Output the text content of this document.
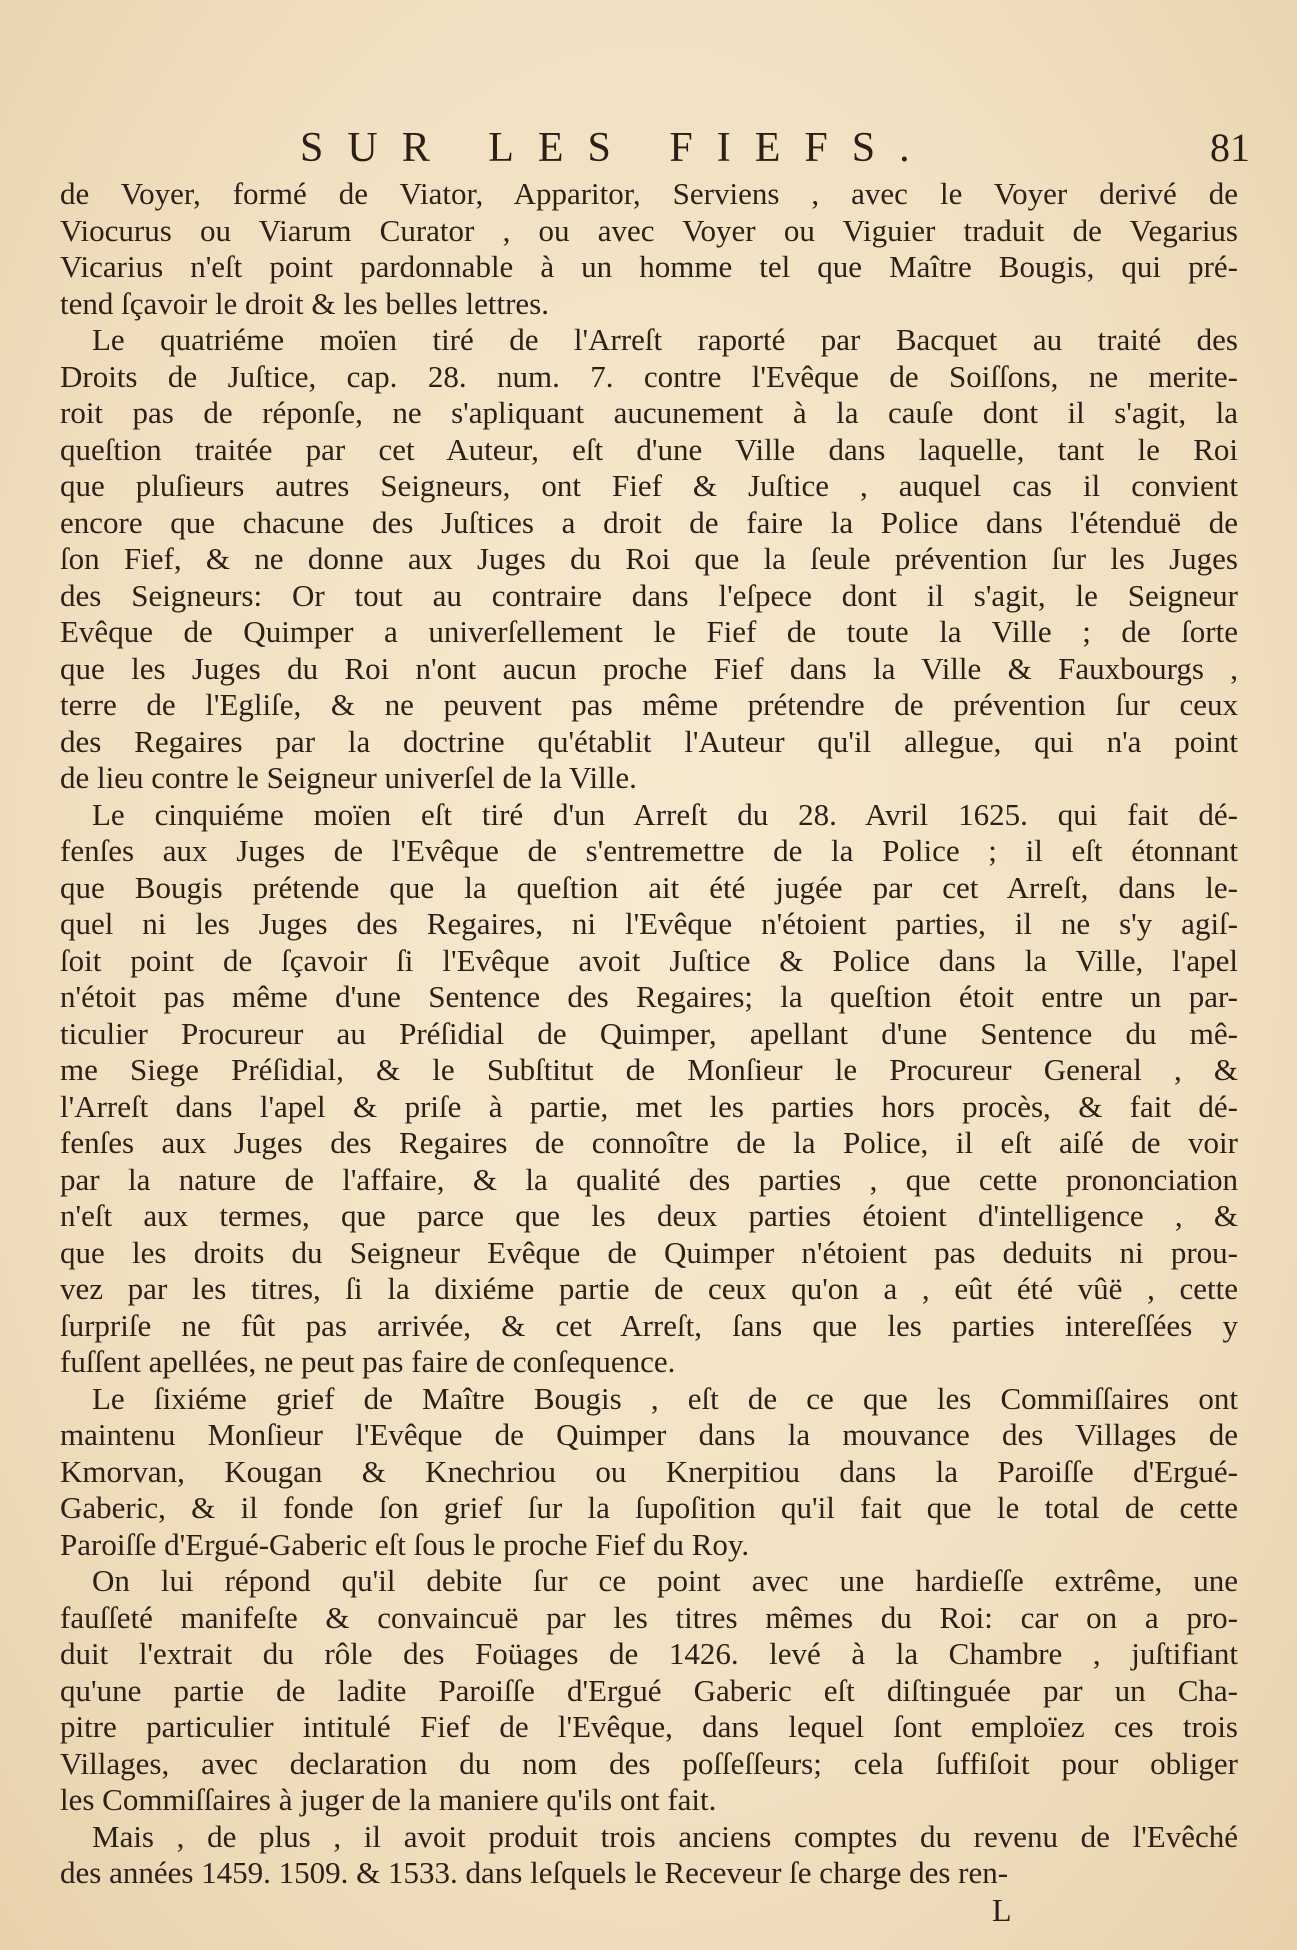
SUR LES FIEFS.	81
de Voyer, formé de Viator, Apparitor, Serviens , avec le Voyer derivé de
Viocurus ou Viarum Curator , ou avec Voyer ou Viguier traduit de Vegarius
Vicarius n'eſt point pardonnable à un homme tel que Maître Bougis, qui pré-
tend ſçavoir le droit & les belles lettres.
Le quatriéme moïen tiré de l'Arreſt raporté par Bacquet au traité des
Droits de Juſtice, cap. 28. num. 7. contre l'Evêque de Soiſſons, ne merite-
roit pas de réponſe, ne s'apliquant aucunement à la cauſe dont il s'agit, la
queſtion traitée par cet Auteur, eſt d'une Ville dans laquelle, tant le Roi
que pluſieurs autres Seigneurs, ont Fief & Juſtice , auquel cas il convient
encore que chacune des Juſtices a droit de faire la Police dans l'étenduë de
ſon Fief, & ne donne aux Juges du Roi que la ſeule prévention ſur les Juges
des Seigneurs: Or tout au contraire dans l'eſpece dont il s'agit, le Seigneur
Evêque de Quimper a univerſellement le Fief de toute la Ville ; de ſorte
que les Juges du Roi n'ont aucun proche Fief dans la Ville & Fauxbourgs ,
terre de l'Egliſe, & ne peuvent pas même prétendre de prévention ſur ceux
des Regaires par la doctrine qu'établit l'Auteur qu'il allegue, qui n'a point
de lieu contre le Seigneur univerſel de la Ville.
Le cinquiéme moïen eſt tiré d'un Arreſt du 28. Avril 1625. qui fait dé-
fenſes aux Juges de l'Evêque de s'entremettre de la Police ; il eſt étonnant
que Bougis prétende que la queſtion ait été jugée par cet Arreſt, dans le-
quel ni les Juges des Regaires, ni l'Evêque n'étoient parties, il ne s'y agiſ-
ſoit point de ſçavoir ſi l'Evêque avoit Juſtice & Police dans la Ville, l'apel
n'étoit pas même d'une Sentence des Regaires; la queſtion étoit entre un par-
ticulier Procureur au Préſidial de Quimper, apellant d'une Sentence du mê-
me Siege Préſidial, & le Subſtitut de Monſieur le Procureur General , &
l'Arreſt dans l'apel & priſe à partie, met les parties hors procès, & fait dé-
fenſes aux Juges des Regaires de connoître de la Police, il eſt aiſé de voir
par la nature de l'affaire, & la qualité des parties , que cette prononciation
n'eſt aux termes, que parce que les deux parties étoient d'intelligence , &
que les droits du Seigneur Evêque de Quimper n'étoient pas deduits ni prou-
vez par les titres, ſi la dixiéme partie de ceux qu'on a , eût été vûë , cette
ſurpriſe ne fût pas arrivée, & cet Arreſt, ſans que les parties intereſſées y
fuſſent apellées, ne peut pas faire de conſequence.
Le ſixiéme grief de Maître Bougis , eſt de ce que les Commiſſaires ont
maintenu Monſieur l'Evêque de Quimper dans la mouvance des Villages de
Kmorvan, Kougan & Knechriou ou Knerpitiou dans la Paroiſſe d'Ergué-
Gaberic, & il fonde ſon grief ſur la ſupoſition qu'il fait que le total de cette
Paroiſſe d'Ergué-Gaberic eſt ſous le proche Fief du Roy.
On lui répond qu'il debite ſur ce point avec une hardieſſe extrême, une
fauſſeté manifeſte & convaincuë par les titres mêmes du Roi: car on a pro-
duit l'extrait du rôle des Foüages de 1426. levé à la Chambre , juſtifiant
qu'une partie de ladite Paroiſſe d'Ergué Gaberic eſt diſtinguée par un Cha-
pitre particulier intitulé Fief de l'Evêque, dans lequel ſont emploïez ces trois
Villages, avec declaration du nom des poſſeſſeurs; cela ſuffiſoit pour obliger
les Commiſſaires à juger de la maniere qu'ils ont fait.
Mais , de plus , il avoit produit trois anciens comptes du revenu de l'Evêché
des années 1459. 1509. & 1533. dans leſquels le Receveur ſe charge des ren-
L
